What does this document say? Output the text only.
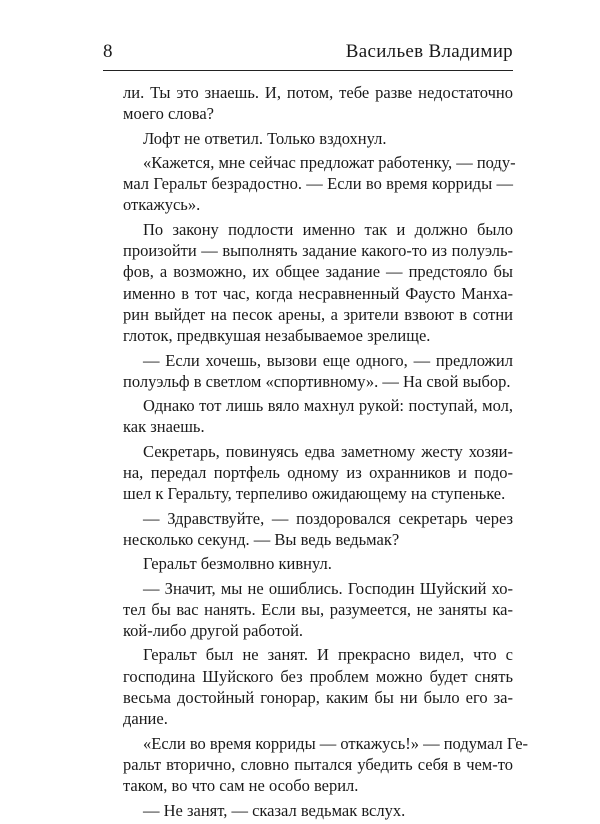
8	Васильев Владимир
ли. Ты это знаешь. И, потом, тебе разве недостаточно
моего слова?
Лофт не ответил. Только вздохнул.
«Кажется, мне сейчас предложат работенку, — поду-
мал Геральт безрадостно. — Если во время корриды —
откажусь».
По закону подлости именно так и должно было
произойти — выполнять задание какого-то из полуэль-
фов, а возможно, их общее задание — предстояло бы
именно в тот час, когда несравненный Фаусто Манха-
рин выйдет на песок арены, а зрители взвоют в сотни
глоток, предвкушая незабываемое зрелище.
— Если хочешь, вызови еще одного, — предложил
полуэльф в светлом «спортивному». — На свой выбор.
Однако тот лишь вяло махнул рукой: поступай, мол,
как знаешь.
Секретарь, повинуясь едва заметному жесту хозяи-
на, передал портфель одному из охранников и подо-
шел к Геральту, терпеливо ожидающему на ступеньке.
— Здравствуйте, — поздоровался секретарь через
несколько секунд. — Вы ведь ведьмак?
Геральт безмолвно кивнул.
— Значит, мы не ошиблись. Господин Шуйский хо-
тел бы вас нанять. Если вы, разумеется, не заняты ка-
кой-либо другой работой.
Геральт был не занят. И прекрасно видел, что с
господина Шуйского без проблем можно будет снять
весьма достойный гонорар, каким бы ни было его за-
дание.
«Если во время корриды — откажусь!» — подумал Ге-
ральт вторично, словно пытался убедить себя в чем-то
таком, во что сам не особо верил.
— Не занят, — сказал ведьмак вслух.
